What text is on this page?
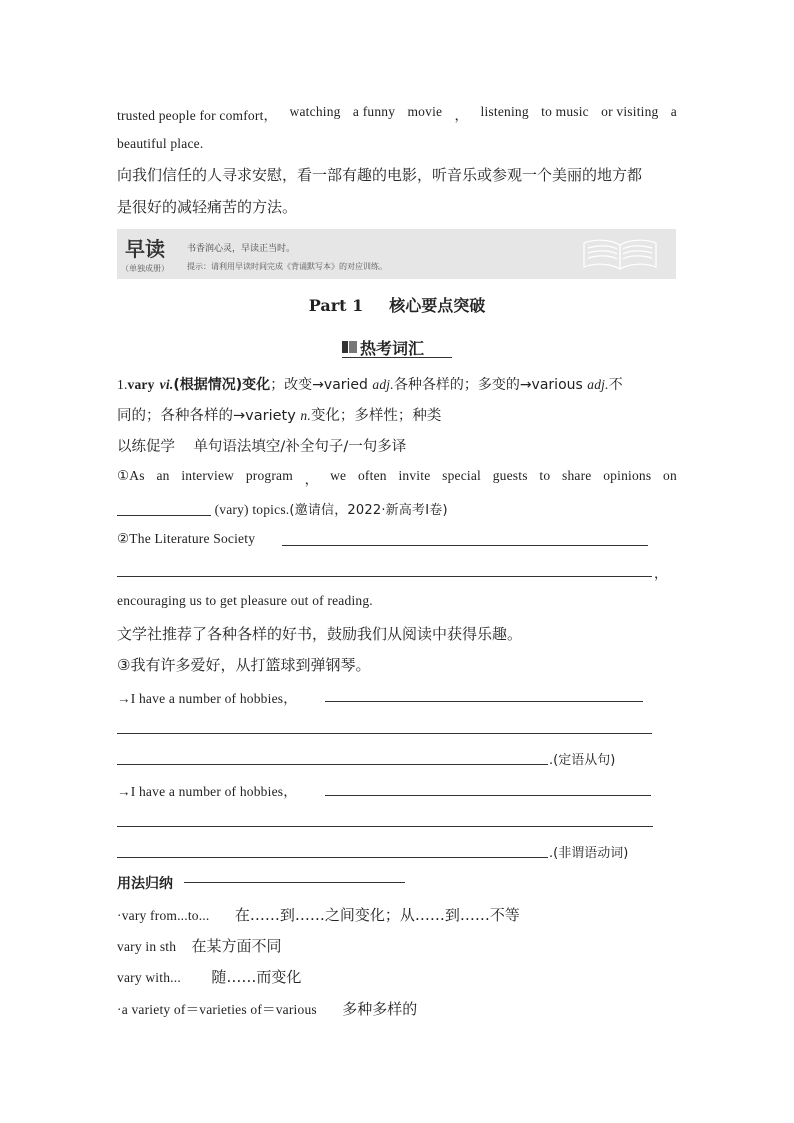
trusted people for comfort， watching a funny movie ， listening to music or visiting a
beautiful place.
向我们信任的人寻求安慰，看一部有趣的电影，听音乐或参观一个美丽的地方都
是很好的减轻痛苦的方法。
早读
（单独成册）
书香润心灵，早读正当时。
提示：请利用早读时间完成《背诵默写本》的对应训练。
Part 1 核心要点突破
热考词汇
1.vary vi.(根据情况)变化；改变→varied adj.各种各样的；多变的→various adj.不
同的；各种各样的→variety n.变化；多样性；种类
以练促学 单句语法填空/补全句子/一句多译
①As an interview program ， we often invite special guests to share opinions on
(vary) topics.(邀请信，2022·新高考Ⅰ卷)
②The Literature Society
，
encouraging us to get pleasure out of reading.
文学社推荐了各种各样的好书，鼓励我们从阅读中获得乐趣。
③我有许多爱好，从打篮球到弹钢琴。
→I have a number of hobbies，
.(定语从句)
→I have a number of hobbies，
.(非谓语动词)
用法归纳
·vary from...to... 在……到……之间变化；从……到……不等
vary in sth 在某方面不同
vary with... 随……而变化
·a variety of＝varieties of＝various 多种多样的
